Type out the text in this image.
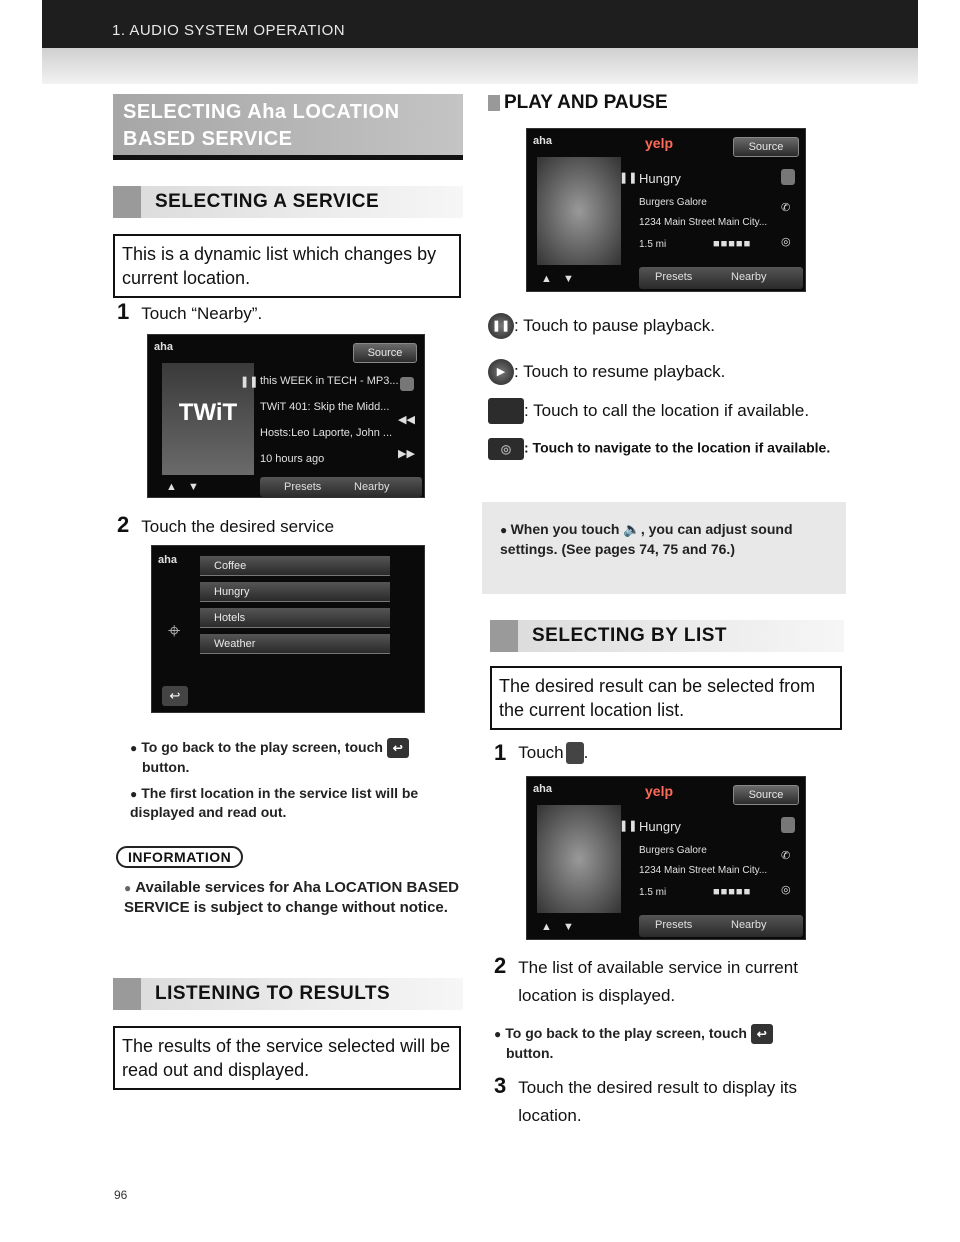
1. AUDIO SYSTEM OPERATION
SELECTING Aha LOCATION BASED SERVICE
SELECTING A SERVICE
This is a dynamic list which changes by current location.
1 Touch “Nearby”.
aha	Source
TWiT
❚❚ this WEEK in TECH - MP3...
TWiT 401: Skip the Midd...
Hosts:Leo Laporte, John ...
10 hours ago
◀◀
▶▶
▲ ▼	Presets	Nearby
2 Touch the desired service
aha
⌖
↩
Coffee
Hungry
Hotels
Weather
● To go back to the play screen, touch ↩
button.
● The first location in the service list will be displayed and read out.
INFORMATION
● Available services for Aha LOCATION BASED SERVICE is subject to change without notice.
LISTENING TO RESULTS
The results of the service selected will be read out and displayed.
PLAY AND PAUSE
aha	yelp	Source
❚❚ Hungry
Burgers Galore
1234 Main Street Main City...
1.5 mi	■■■■■
✆
◎
▲ ▼	Presets	Nearby
❚❚ : Touch to pause playback.
▶ : Touch to resume playback.
: Touch to call the location if available.
◎ : Touch to navigate to the location if available.
● When you touch 🔈, you can adjust sound settings. (See pages 74, 75 and 76.)
SELECTING BY LIST
The desired result can be selected from the current location list.
1 Touch .
aha	yelp	Source
❚❚ Hungry
Burgers Galore
1234 Main Street Main City...
1.5 mi	■■■■■
✆
◎
▲ ▼	Presets	Nearby
2 The list of available service in current location is displayed.
● To go back to the play screen, touch ↩
button.
3 Touch the desired result to display its location.
96
